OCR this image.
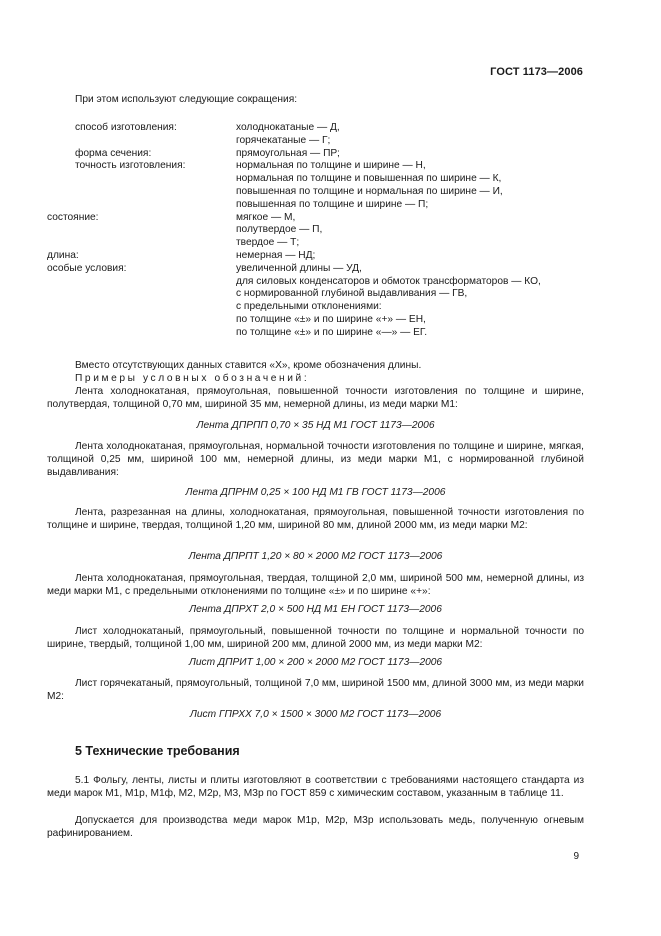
ГОСТ 1173—2006
При этом используют следующие сокращения:
способ изготовления:	холоднокатаные — Д,
горячекатаные — Г;
форма сечения:	прямоугольная — ПР;
точность изготовления:	нормальная по толщине и ширине — Н,
нормальная по толщине и повышенная по ширине — К,
повышенная по толщине и нормальная по ширине — И,
повышенная по толщине и ширине — П;
состояние:	мягкое — М,
полутвердое — П,
твердое — Т;
длина:	немерная — НД;
особые условия:	увеличенной длины — УД,
для силовых конденсаторов и обмоток трансформаторов — КО,
с нормированной глубиной выдавливания — ГВ,
с предельными отклонениями:
по толщине «±» и по ширине «+» — ЕН,
по толщине «±» и по ширине «—» — ЕГ.
Вместо отсутствующих данных ставится «X», кроме обозначения длины.
Примеры условных обозначений:
Лента холоднокатаная, прямоугольная, повышенной точности изготовления по толщине и ширине, полутвердая, толщиной 0,70 мм, шириной 35 мм, немерной длины, из меди марки М1:
Лента ДПРПП 0,70 × 35 НД М1 ГОСТ 1173—2006
Лента холоднокатаная, прямоугольная, нормальной точности изготовления по толщине и ширине, мягкая, толщиной 0,25 мм, шириной 100 мм, немерной длины, из меди марки М1, с нормированной глубиной выдавливания:
Лента ДПРНМ 0,25 × 100 НД М1 ГВ ГОСТ 1173—2006
Лента, разрезанная на длины, холоднокатаная, прямоугольная, повышенной точности изготовления по толщине и ширине, твердая, толщиной 1,20 мм, шириной 80 мм, длиной 2000 мм, из меди марки М2:
Лента ДПРПТ 1,20 × 80 × 2000 М2 ГОСТ 1173—2006
Лента холоднокатаная, прямоугольная, твердая, толщиной 2,0 мм, шириной 500 мм, немерной длины, из меди марки М1, с предельными отклонениями по толщине «±» и по ширине «+»:
Лента ДПРХТ 2,0 × 500 НД М1 ЕН ГОСТ 1173—2006
Лист холоднокатаный, прямоугольный, повышенной точности по толщине и нормальной точности по ширине, твердый, толщиной 1,00 мм, шириной 200 мм, длиной 2000 мм, из меди марки М2:
Лист ДПРИТ 1,00 × 200 × 2000 М2 ГОСТ 1173—2006
Лист горячекатаный, прямоугольный, толщиной 7,0 мм, шириной 1500 мм, длиной 3000 мм, из меди марки М2:
Лист ГПРХХ 7,0 × 1500 × 3000 М2 ГОСТ 1173—2006
5 Технические требования
5.1 Фольгу, ленты, листы и плиты изготовляют в соответствии с требованиями настоящего стандарта из меди марок М1, М1р, М1ф, М2, М2р, М3, М3р по ГОСТ 859 с химическим составом, указанным в таблице 11.
Допускается для производства меди марок М1р, М2р, М3р использовать медь, полученную огневым рафинированием.
9
